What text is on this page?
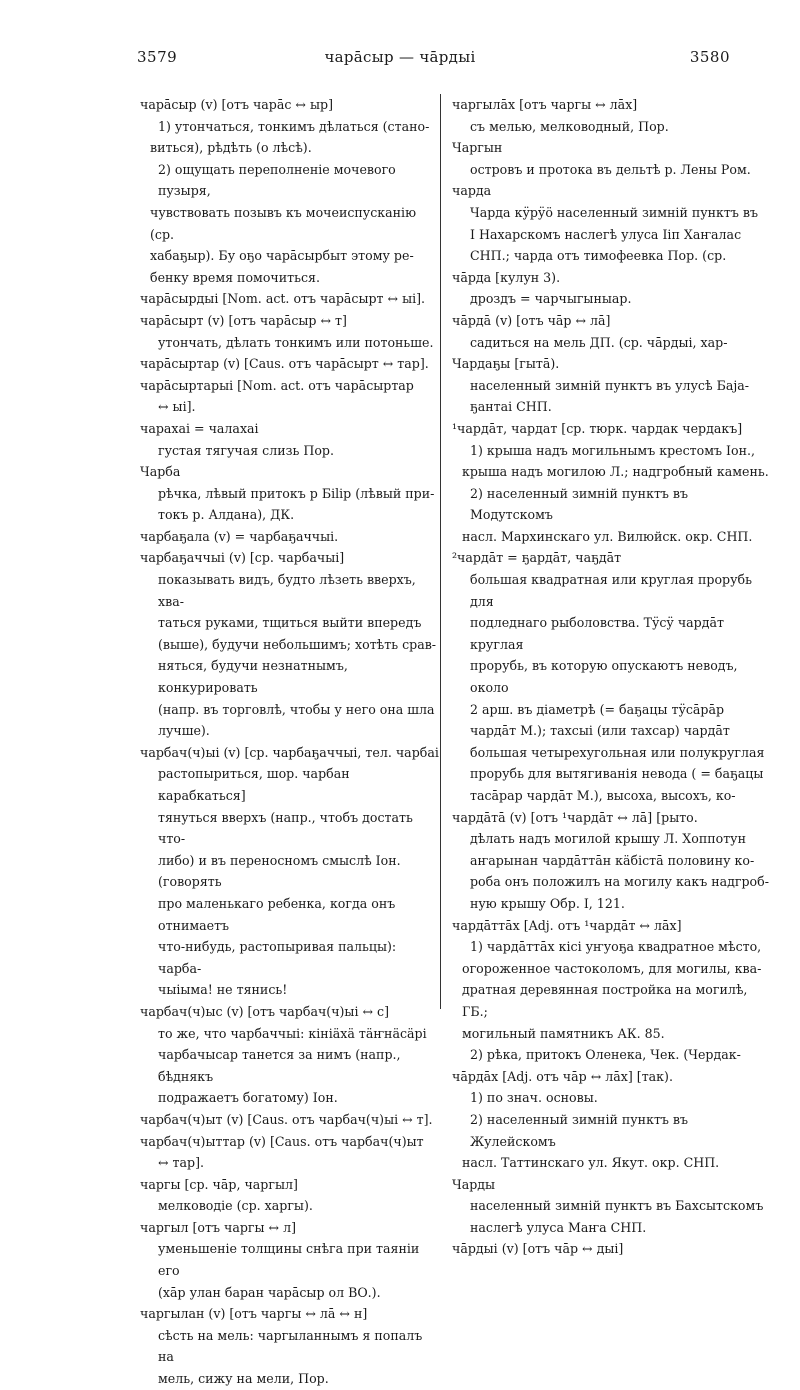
3579	чарāсыр — чāрдыі	3580
чарāсыр (v) [отъ чарāс ↔ ыр]
1) утончаться, тонкимъ дѣлаться (стано-
виться), рѣдѣть (о лѣсѣ).
2) ощущать переполненіе мочевого пузыря,
чувствовать позывъ къ мочеиспусканію (ср.
хабаҕыр). Бу оҕо чарāсырбыт этому ре-
бенку время помочиться.
чарāсырдыі [Nom. act. отъ чарāсырт ↔ ыі].
чарāсырт (v) [отъ чарāсыр ↔ т]
утончать, дѣлать тонкимъ или потоньше.
чарāсыртар (v) [Caus. отъ чарāсырт ↔ тар].
чарāсыртарыі [Nom. act. отъ чарāсыртар
↔ ыі].
чарахаі = чалахаі
густая тягучая слизь Пор.
Чарба
рѣчка, лѣвый притокъ р Біlір (лѣвый при-
токъ р. Алдана), ДК.
чарбаҕала (v) = чарбаҕаччыі.
чарбаҕаччыі (v) [ср. чарбачыі]
показывать видъ, будто лѣзеть вверхъ, хва-
таться руками, тщиться выйти впередъ
(выше), будучи небольшимъ; хотѣть срав-
няться, будучи незнатнымъ, конкурировать
(напр. въ торговлѣ, чтобы у него она шла
лучше).
чарбач(ч)ыі (v) [ср. чарбаҕаччыі, тел. чарбаі
растопыриться, шор. чарбан карабкаться]
тянуться вверхъ (напр., чтобъ достать что-
либо) и въ переносномъ смыслѣ Іон. (говорять
про маленькаго ребенка, когда онъ отнимаетъ
что-нибудь, растопыривая пальцы): чарба-
чыіыма! не тянись!
чарбач(ч)ыс (v) [отъ чарбач(ч)ыі ↔ с]
то же, что чарбаччыі: кініäхä тäҥнäсäрі
чарбачысар танется за нимъ (напр., бѣднякъ
подражаетъ богатому) Іон.
чарбач(ч)ыт (v) [Caus. отъ чарбач(ч)ыі ↔ т].
чарбач(ч)ыттар (v) [Caus. отъ чарбач(ч)ыт
↔ тар].
чаргы [ср. чāр, чаргыл]
мелководіе (ср. харгы).
чаргыл [отъ чаргы ↔ л]
уменьшеніе толщины снѣга при таяніи его
(хāр улан баран чарāсыр ол ВО.).
чаргылан (v) [отъ чаргы ↔ лā ↔ н]
сѣсть на мель: чаргыланнымъ я попалъ на
мель, сижу на мели, Пор.
чаргылāх [отъ чаргы ↔ лāх]
съ мелью, мелководный, Пор.
Чаргын
островъ и протока въ дельтѣ р. Лены Ром.
чарда
Чарда кӱрӱö населенный зимній пунктъ въ
І Нахарскомъ наслегѣ улуса Ііп Хаҥалас
СНП.; чарда отъ тимофеевка Пор. (ср.
чāрда [кулун 3).
дроздъ = чарчыгыныар.
чāрдā (v) [отъ чāр ↔ лā]
садиться на мель ДП. (ср. чāрдыі, хар-
Чардаҕы [гытā).
населенный зимній пунктъ въ улусѣ Баја-
ҕантаі СНП.
¹чардāт, чардат [ср. тюрк. чардак чердакъ]
1) крыша надъ могильнымъ крестомъ Іон.,
крыша надъ могилою Л.; надгробный камень.
2) населенный зимній пунктъ въ Модутскомъ
насл. Мархинскаго ул. Вилюйск. окр. СНП.
²чардāт = ҕардāт, чаҕдāт
большая квадратная или круглая прорубь для
подледнаго рыболовства. Тӱсӱ чардāт круглая
прорубь, въ которую опускаютъ неводъ, около
2 арш. въ діаметрѣ (= баҕацы тӱсāрāр
чардāт М.); тахсыі (или тахсар) чардāт
большая четырехугольная или полукруглая
прорубь для вытягиванія невода ( = баҕацы
тасāрар чардāт М.), высоха, высохъ, ко-
чардāтā (v) [отъ ¹чардāт ↔ лā] [рыто.
дѣлать надъ могилой крышу Л. Хоппотун
аҥарынан чардāттāн кäбістā половину ко-
роба онъ положилъ на могилу какъ надгроб-
ную крышу Обр. І, 121.
чардāттāх [Adj. отъ ¹чардāт ↔ лāх]
1) чардāттāх кісі уҥуоҕа квадратное мѣсто,
огороженное частоколомъ, для могилы, ква-
дратная деревянная постройка на могилѣ, ГБ.;
могильный памятникъ АК. 85.
2) рѣка, притокъ Оленека, Чек. (Чердак-
чāрдāх [Adj. отъ чāр ↔ лāх] [так).
1) по знач. основы.
2) населенный зимній пунктъ въ Жулейскомъ
насл. Таттинскаго ул. Якут. окр. СНП.
Чарды
населенный зимній пунктъ въ Бахсытскомъ
наслегѣ улуса Маҥа СНП.
чāрдыі (v) [отъ чāр ↔ дыі]
